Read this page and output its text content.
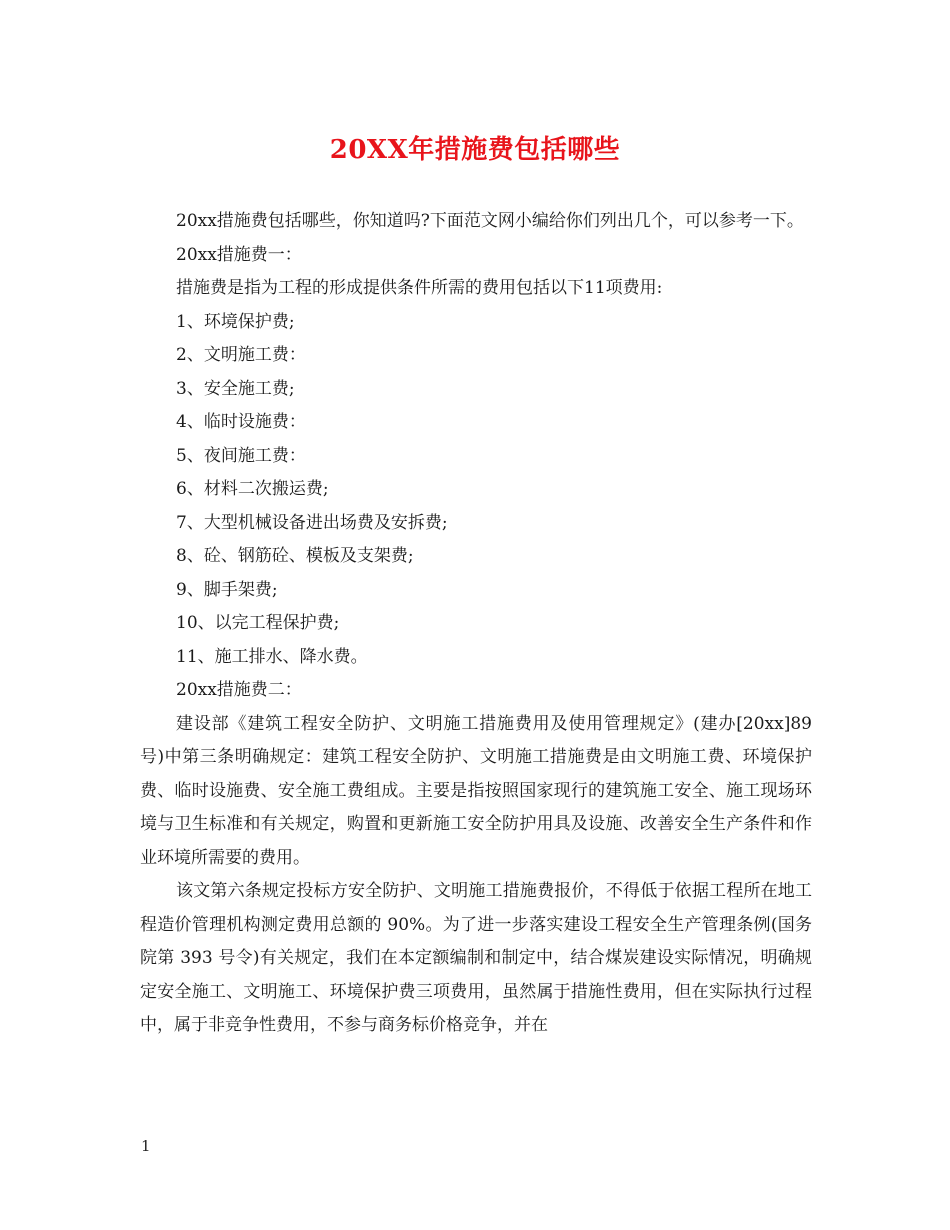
20XX年措施费包括哪些

20xx措施费包括哪些，你知道吗?下面范文网小编给你们列出几个，可以参考一下。

20xx措施费一：

措施费是指为工程的形成提供条件所需的费用包括以下11项费用:

1、环境保护费;

2、文明施工费：

3、安全施工费;

4、临时设施费：

5、夜间施工费：

6、材料二次搬运费;

7、大型机械设备进出场费及安拆费;

8、砼、钢筋砼、模板及支架费;

9、脚手架费;

10、以完工程保护费;

11、施工排水、降水费。

20xx措施费二：

建设部《建筑工程安全防护、文明施工措施费用及使用管理规定》(建办[20xx]89 号)中第三条明确规定：建筑工程安全防护、文明施工措施费是由文明施工费、环境保护费、临时设施费、安全施工费组成。主要是指按照国家现行的建筑施工安全、施工现场环境与卫生标准和有关规定，购置和更新施工安全防护用具及设施、改善安全生产条件和作业环境所需要的费用。

该文第六条规定投标方安全防护、文明施工措施费报价，不得低于依据工程所在地工程造价管理机构测定费用总额的 90%。为了进一步落实建设工程安全生产管理条例(国务院第 393 号令)有关规定，我们在本定额编制和制定中，结合煤炭建设实际情况，明确规定安全施工、文明施工、环境保护费三项费用，虽然属于措施性费用，但在实际执行过程中，属于非竞争性费用，不参与商务标价格竞争，并在

1
